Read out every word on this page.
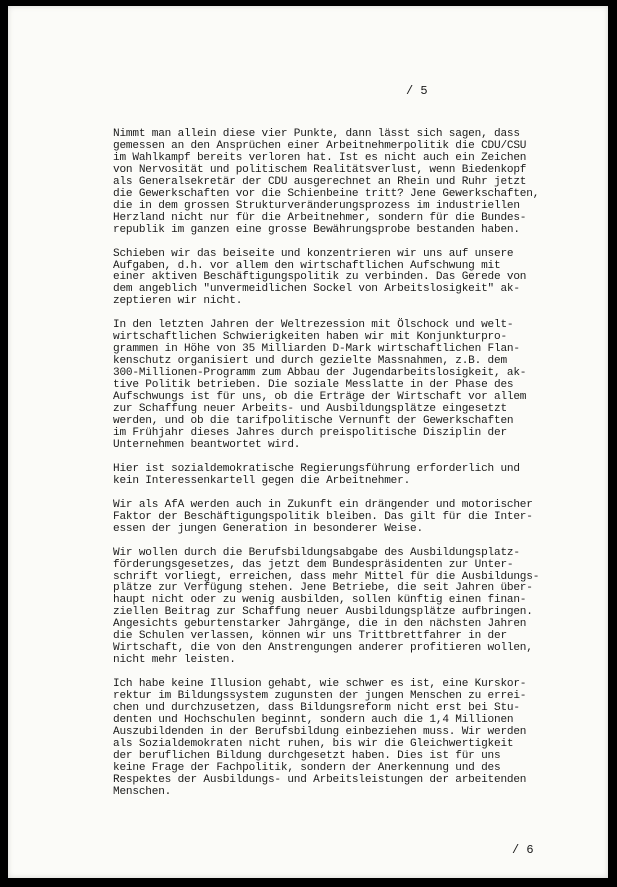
/ 5

Nimmt man allein diese vier Punkte, dann lässt sich sagen, dass
gemessen an den Ansprüchen einer Arbeitnehmerpolitik die CDU/CSU
im Wahlkampf bereits verloren hat. Ist es nicht auch ein Zeichen
von Nervosität und politischem Realitätsverlust, wenn Biedenkopf
als Generalsekretär der CDU ausgerechnet an Rhein und Ruhr jetzt
die Gewerkschaften vor die Schienbeine tritt? Jene Gewerkschaften,
die in dem grossen Strukturveränderungsprozess im industriellen
Herzland nicht nur für die Arbeitnehmer, sondern für die Bundes-
republik im ganzen eine grosse Bewährungsprobe bestanden haben.

Schieben wir das beiseite und konzentrieren wir uns auf unsere
Aufgaben, d.h. vor allem den wirtschaftlichen Aufschwung mit
einer aktiven Beschäftigungspolitik zu verbinden. Das Gerede von
dem angeblich "unvermeidlichen Sockel von Arbeitslosigkeit" ak-
zeptieren wir nicht.

In den letzten Jahren der Weltrezession mit Ölschock und welt-
wirtschaftlichen Schwierigkeiten haben wir mit Konjunkturpro-
grammen in Höhe von 35 Milliarden D-Mark wirtschaftlichen Flan-
kenschutz organisiert und durch gezielte Massnahmen, z.B. dem
300-Millionen-Programm zum Abbau der Jugendarbeitslosigkeit, ak-
tive Politik betrieben. Die soziale Messlatte in der Phase des
Aufschwungs ist für uns, ob die Erträge der Wirtschaft vor allem
zur Schaffung neuer Arbeits- und Ausbildungsplätze eingesetzt
werden, und ob die tarifpolitische Vernunft der Gewerkschaften
im Frühjahr dieses Jahres durch preispolitische Disziplin der
Unternehmen beantwortet wird.

Hier ist sozialdemokratische Regierungsführung erforderlich und
kein Interessenkartell gegen die Arbeitnehmer.

Wir als AfA werden auch in Zukunft ein drängender und motorischer
Faktor der Beschäftigungspolitik bleiben. Das gilt für die Inter-
essen der jungen Generation in besonderer Weise.

Wir wollen durch die Berufsbildungsabgabe des Ausbildungsplatz-
förderungsgesetzes, das jetzt dem Bundespräsidenten zur Unter-
schrift vorliegt, erreichen, dass mehr Mittel für die Ausbildungs-
plätze zur Verfügung stehen. Jene Betriebe, die seit Jahren über-
haupt nicht oder zu wenig ausbilden, sollen künftig einen finan-
ziellen Beitrag zur Schaffung neuer Ausbildungsplätze aufbringen.
Angesichts geburtenstarker Jahrgänge, die in den nächsten Jahren
die Schulen verlassen, können wir uns Trittbrettfahrer in der
Wirtschaft, die von den Anstrengungen anderer profitieren wollen,
nicht mehr leisten.

Ich habe keine Illusion gehabt, wie schwer es ist, eine Kurskor-
rektur im Bildungssystem zugunsten der jungen Menschen zu errei-
chen und durchzusetzen, dass Bildungsreform nicht erst bei Stu-
denten und Hochschulen beginnt, sondern auch die 1,4 Millionen
Auszubildenden in der Berufsbildung einbeziehen muss. Wir werden
als Sozialdemokraten nicht ruhen, bis wir die Gleichwertigkeit
der beruflichen Bildung durchgesetzt haben. Dies ist für uns
keine Frage der Fachpolitik, sondern der Anerkennung und des
Respektes der Ausbildungs- und Arbeitsleistungen der arbeitenden
Menschen.

/ 6
